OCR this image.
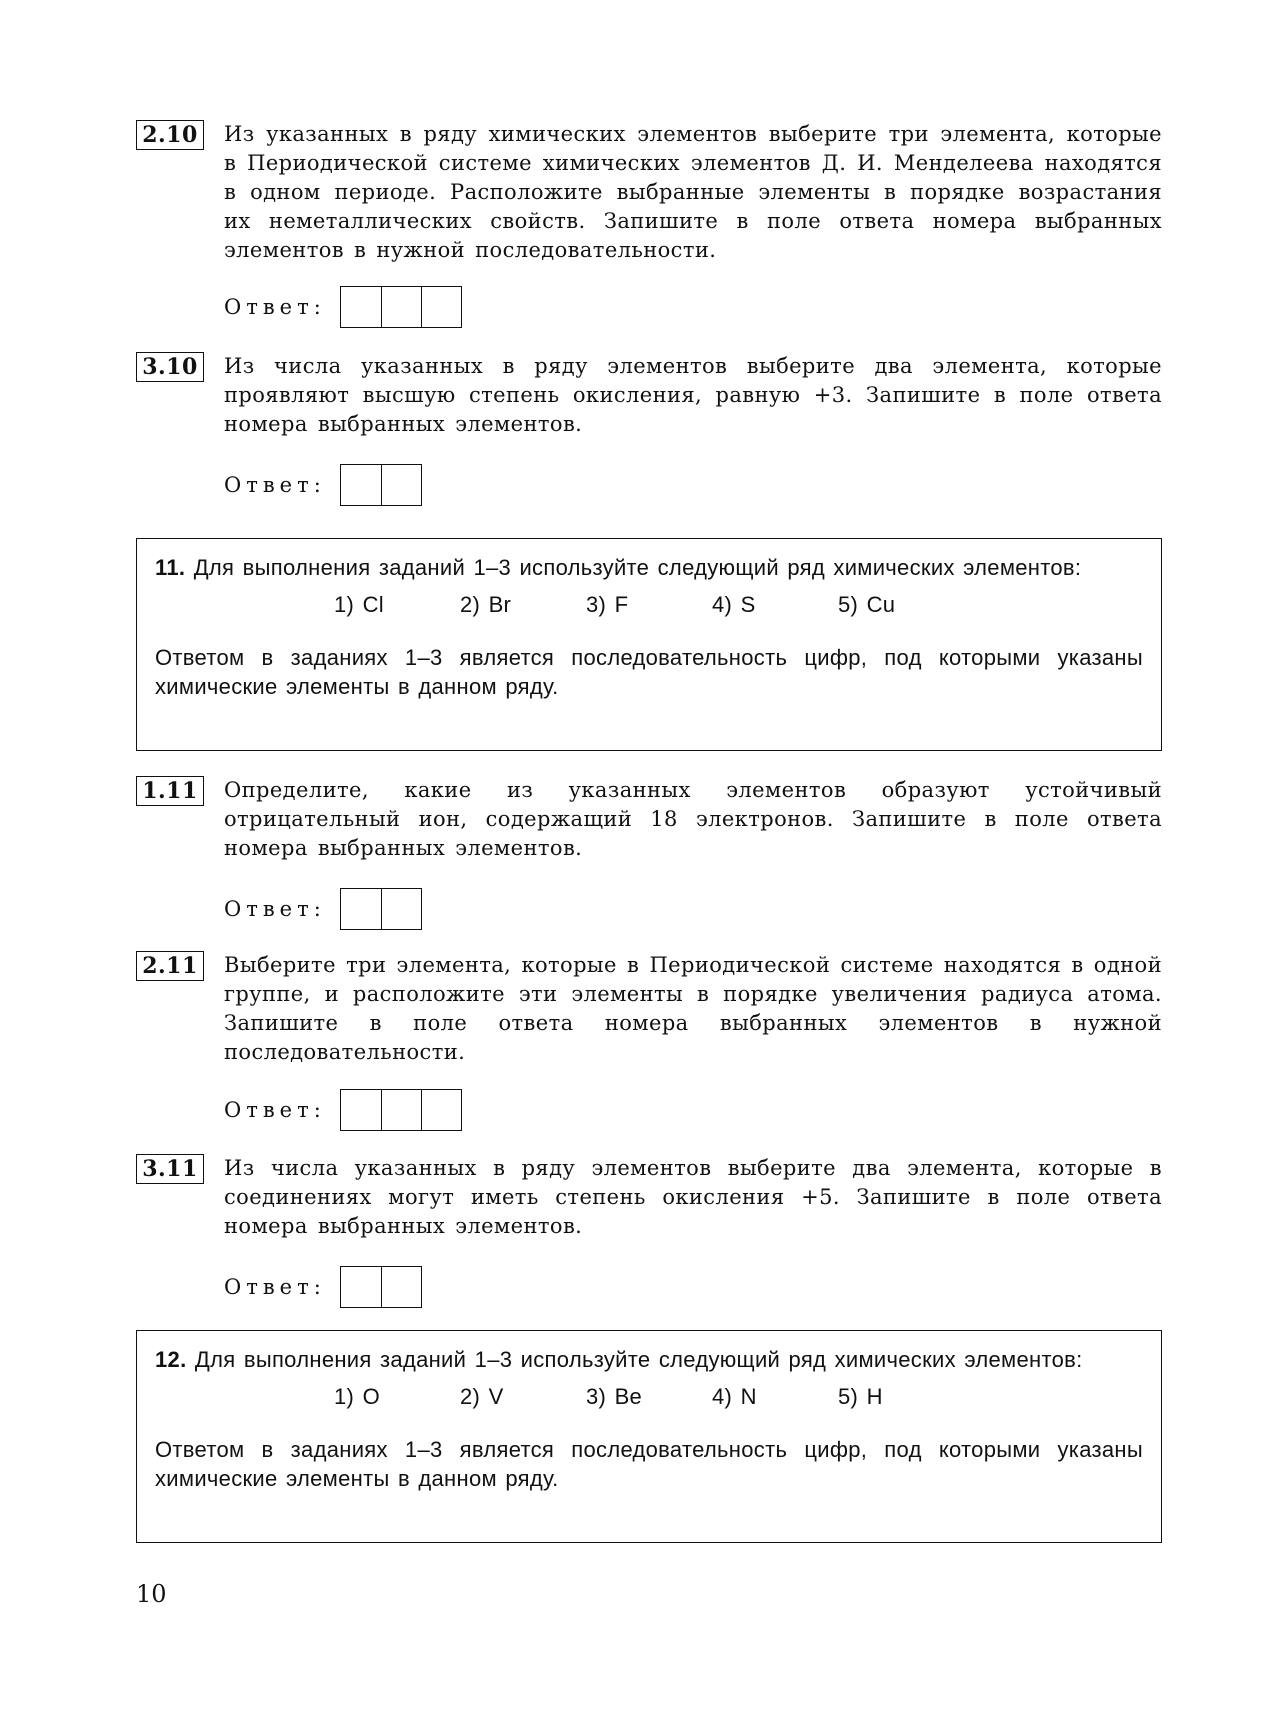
2.10 Из указанных в ряду химических элементов выберите три элемента, которые в Периодической системе химических элементов Д. И. Менделеева находятся в одном периоде. Расположите выбранные элементы в порядке возрастания их неметаллических свойств. Запишите в поле ответа номера выбранных элементов в нужной последовательности.
Ответ:
3.10 Из числа указанных в ряду элементов выберите два элемента, которые проявляют высшую степень окисления, равную +3. Запишите в поле ответа номера выбранных элементов.
Ответ:
11. Для выполнения заданий 1–3 используйте следующий ряд химических элементов:
1) Cl	2) Br	3) F	4) S	5) Cu
Ответом в заданиях 1–3 является последовательность цифр, под которыми указаны химические элементы в данном ряду.
1.11 Определите, какие из указанных элементов образуют устойчивый отрицательный ион, содержащий 18 электронов. Запишите в поле ответа номера выбранных элементов.
Ответ:
2.11 Выберите три элемента, которые в Периодической системе находятся в одной группе, и расположите эти элементы в порядке увеличения радиуса атома. Запишите в поле ответа номера выбранных элементов в нужной последовательности.
Ответ:
3.11 Из числа указанных в ряду элементов выберите два элемента, которые в соединениях могут иметь степень окисления +5. Запишите в поле ответа номера выбранных элементов.
Ответ:
12. Для выполнения заданий 1–3 используйте следующий ряд химических элементов:
1) O	2) V	3) Be	4) N	5) H
Ответом в заданиях 1–3 является последовательность цифр, под которыми указаны химические элементы в данном ряду.
10
